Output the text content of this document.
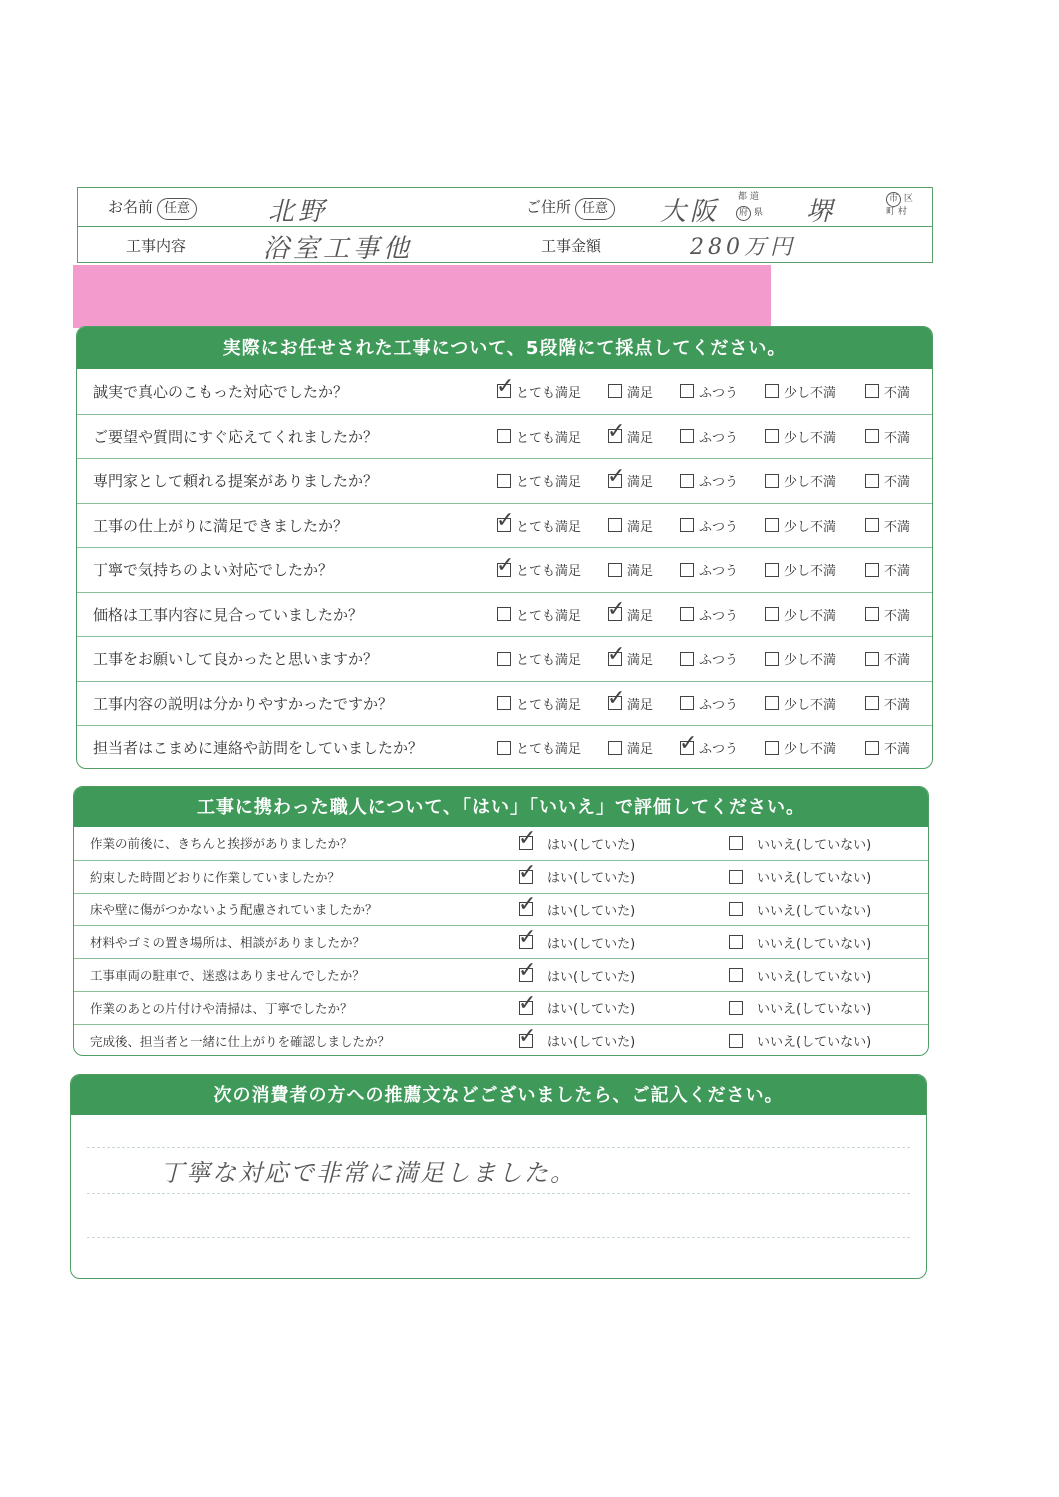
お名前 任意	北野	ご住所 任意 大阪 都 道
府 県 堺	市 区
町 村
工事内容	浴室工事他	工事金額	280万円
実際にお任せされた工事について、5段階にて採点してください。
誠実で真心のこもった対応でしたか？ ✓	とても満足	満足	ふつう	少し不満	不満
ご要望や質問にすぐ応えてくれましたか？	とても満足 ✓	満足	ふつう	少し不満	不満
専門家として頼れる提案がありましたか？	とても満足 ✓	満足	ふつう	少し不満	不満
工事の仕上がりに満足できましたか？ ✓	とても満足	満足	ふつう	少し不満	不満
丁寧で気持ちのよい対応でしたか？ ✓	とても満足	満足	ふつう	少し不満	不満
価格は工事内容に見合っていましたか？	とても満足 ✓	満足	ふつう	少し不満	不満
工事をお願いして良かったと思いますか？	とても満足 ✓	満足	ふつう	少し不満	不満
工事内容の説明は分かりやすかったですか？	とても満足 ✓	満足	ふつう	少し不満	不満
担当者はこまめに連絡や訪問をしていましたか？	とても満足	満足 ✓	ふつう	少し不満	不満
工事に携わった職人について、「はい」「いいえ」で評価してください。
作業の前後に、きちんと挨拶がありましたか？ ✓	はい(していた)	いいえ(していない)
約束した時間どおりに作業していましたか？ ✓	はい(していた)	いいえ(していない)
床や壁に傷がつかないよう配慮されていましたか？ ✓	はい(していた)	いいえ(していない)
材料やゴミの置き場所は、相談がありましたか？ ✓	はい(していた)	いいえ(していない)
工事車両の駐車で、迷惑はありませんでしたか？ ✓	はい(していた)	いいえ(していない)
作業のあとの片付けや清掃は、丁寧でしたか？ ✓	はい(していた)	いいえ(していない)
完成後、担当者と一緒に仕上がりを確認しましたか？ ✓	はい(していた)	いいえ(していない)
次の消費者の方への推薦文などございましたら、ご記入ください。
丁寧な対応で非常に満足しました。
